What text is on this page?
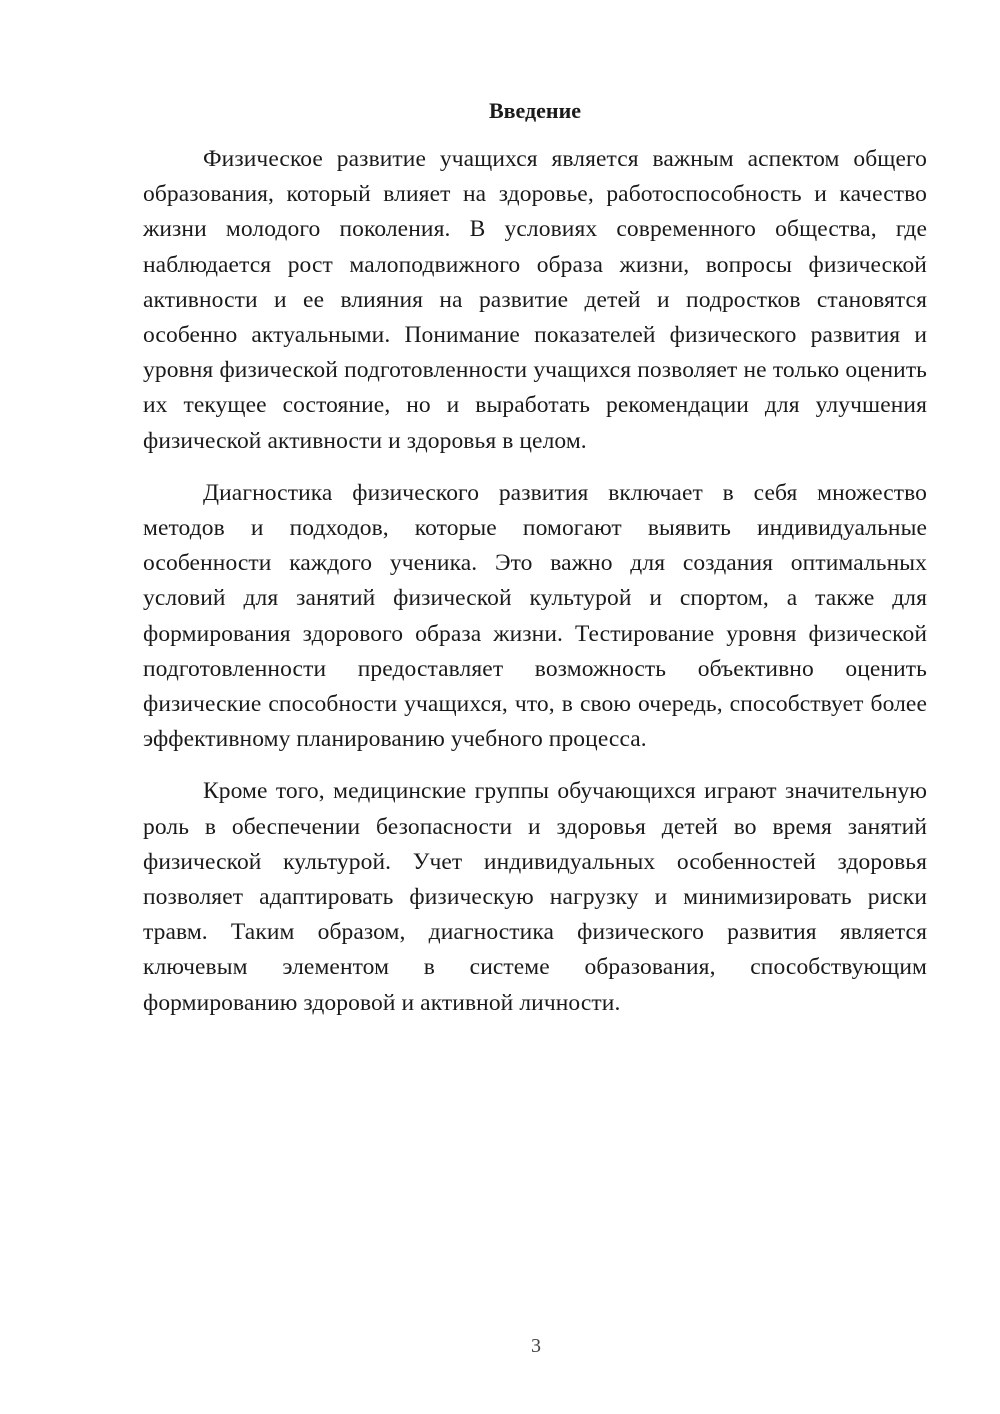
Введение

Физическое развитие учащихся является важным аспектом общего образования, который влияет на здоровье, работоспособность и качество жизни молодого поколения. В условиях современного общества, где наблюдается рост малоподвижного образа жизни, вопросы физической активности и ее влияния на развитие детей и подростков становятся особенно актуальными. Понимание показателей физического развития и уровня физической подготовленности учащихся позволяет не только оценить их текущее состояние, но и выработать рекомендации для улучшения физической активности и здоровья в целом.

Диагностика физического развития включает в себя множество методов и подходов, которые помогают выявить индивидуальные особенности каждого ученика. Это важно для создания оптимальных условий для занятий физической культурой и спортом, а также для формирования здорового образа жизни. Тестирование уровня физической подготовленности предоставляет возможность объективно оценить физические способности учащихся, что, в свою очередь, способствует более эффективному планированию учебного процесса.

Кроме того, медицинские группы обучающихся играют значительную роль в обеспечении безопасности и здоровья детей во время занятий физической культурой. Учет индивидуальных особенностей здоровья позволяет адаптировать физическую нагрузку и минимизировать риски травм. Таким образом, диагностика физического развития является ключевым элементом в системе образования, способствующим формированию здоровой и активной личности.

3
